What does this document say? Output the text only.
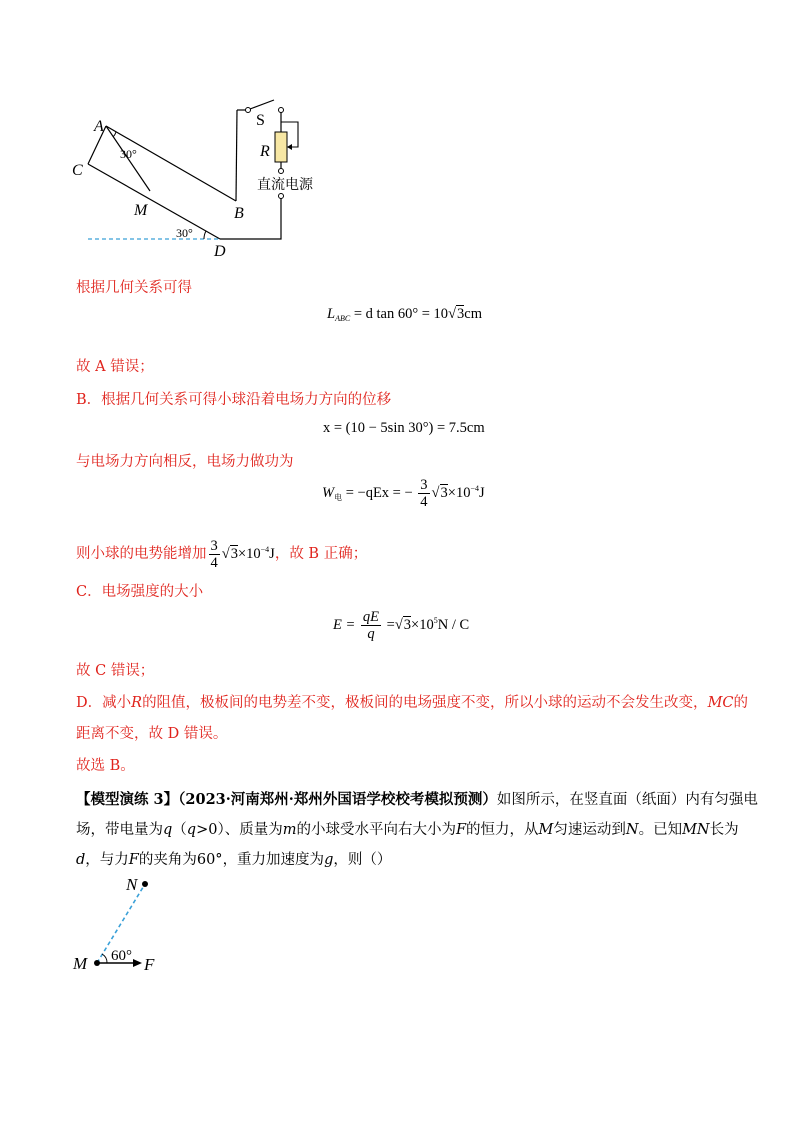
A
C
M	B
D
S
R
30°
30°
直流电源
根据几何关系可得
$L_{ABC} = d$ tan 60° = 10√3cm
故 A 错误；
B．根据几何关系可得小球沿着电场力方向的位移
x = (10 − 5sin 30°) = 7.5cm
与电场力方向相反，电场力做功为
$W_电 = -qEx$ = − $\frac{3}{4} √3\times 10^{-4}J$
则小球的电势能增加 $\frac{3}{4} √3\times 10^{-4}J$，故 B 正确；
C．电场强度的大小
$E = \frac{qE}{q} =√3\times 10^5N / C$
故 C 错误；
D．减小R的阻值，极板间的电势差不变，极板间的电场强度不变，所以小球的运动不会发生改变，MC的
距离不变，故 D 错误。
故选 B。
【模型演练 3】（2023·河南郑州·郑州外国语学校校考模拟预测）如图所示，在竖直面（纸面）内有匀强电
场，带电量为q（q>0）、质量为m的小球受水平向右大小为F的恒力，从M匀速运动到N。已知MN长为
d，与力F的夹角为60°，重力加速度为g，则（）
N
M	F
60°
